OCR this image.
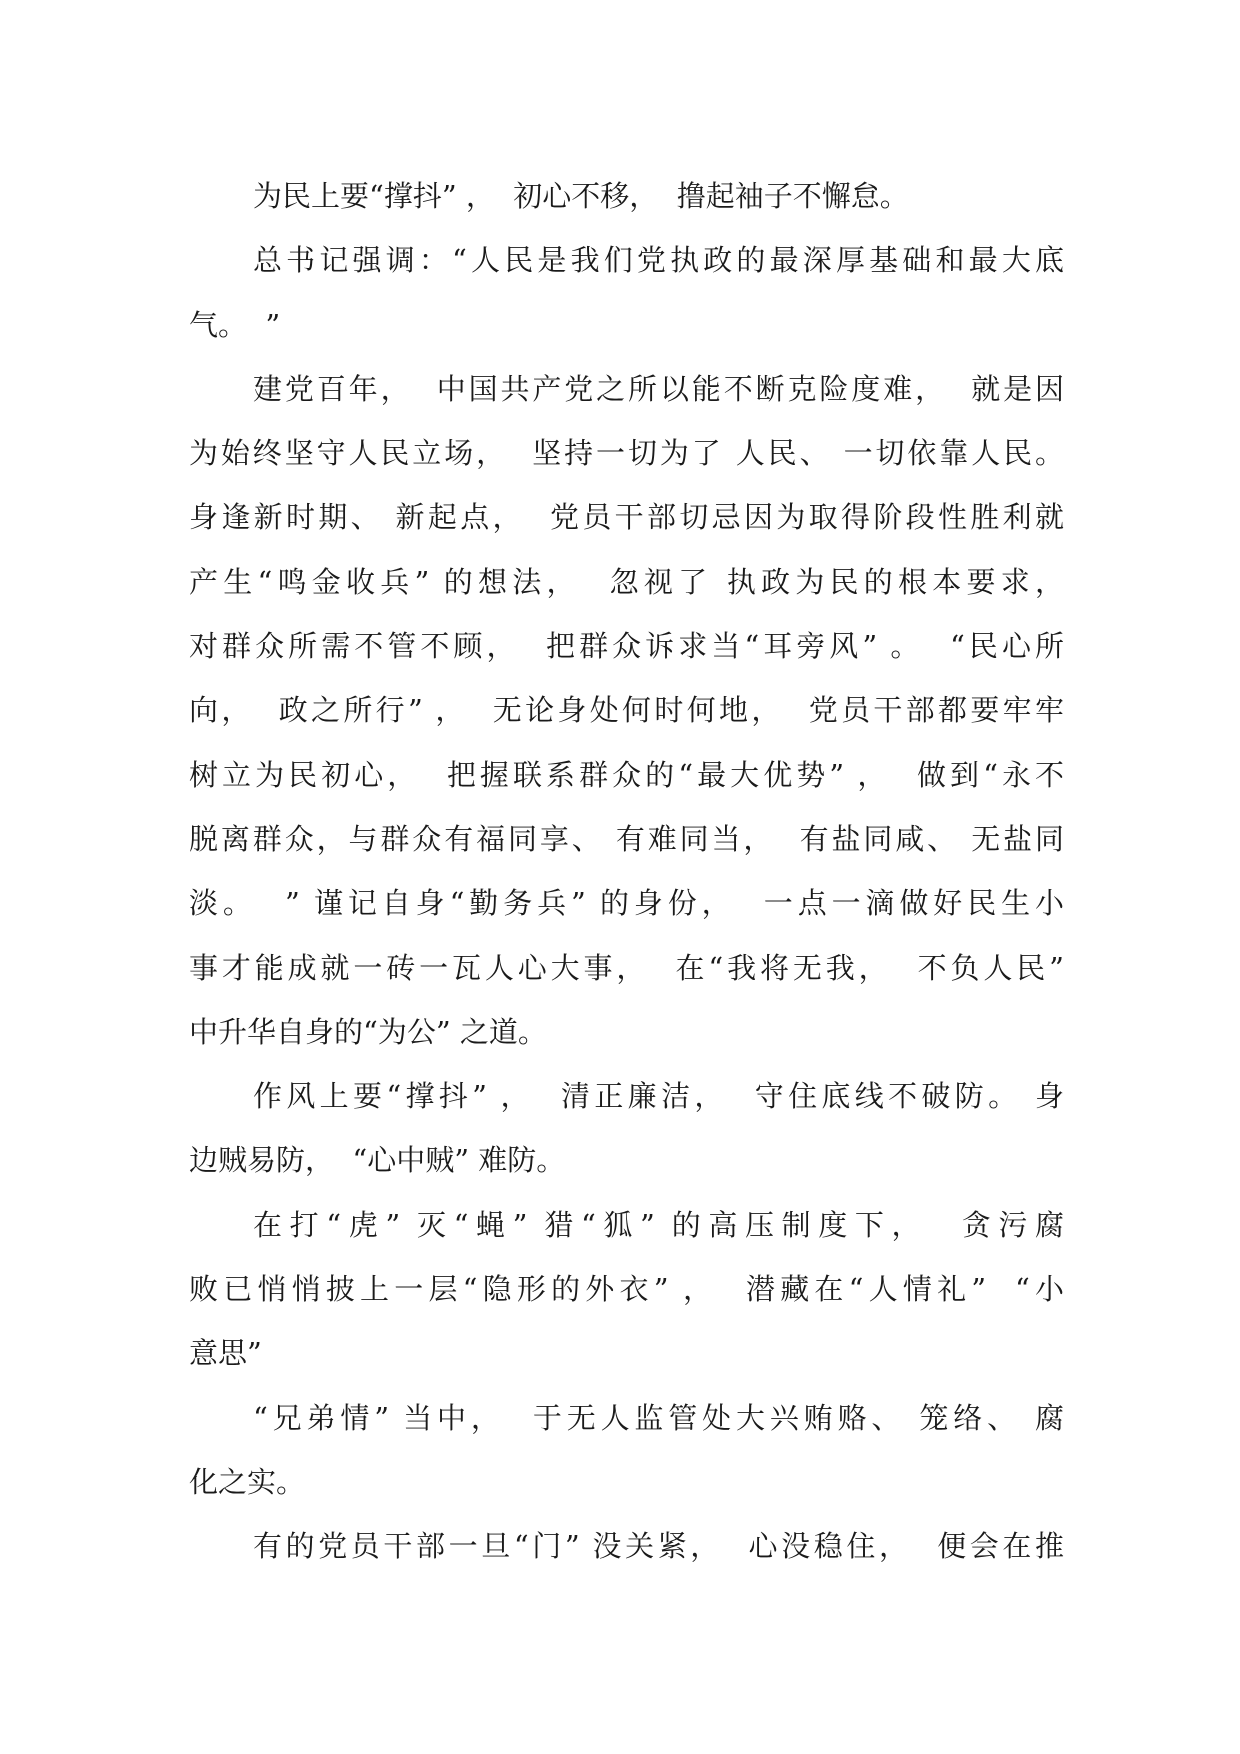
为民上要“撑抖” ，  初心不移，  撸起袖子不懈怠。
总书记强调：“人民是我们党执政的最深厚基础和最大底
气。  ”
建党百年，  中国共产党之所以能不断克险度难，  就是因
为始终坚守人民立场，  坚持一切为了 人民、 一切依靠人民。
身逢新时期、 新起点，  党员干部切忌因为取得阶段性胜利就
产生“鸣金收兵” 的想法，  忽视了 执政为民的根本要求，
对群众所需不管不顾，  把群众诉求当“耳旁风” 。  “民心所
向，  政之所行” ，  无论身处何时何地，  党员干部都要牢牢
树立为民初心，  把握联系群众的“最大优势” ，  做到“永不
脱离群众，与群众有福同享、 有难同当，  有盐同咸、 无盐同
淡。  ” 谨记自身“勤务兵” 的身份，  一点一滴做好民生小
事才能成就一砖一瓦人心大事，  在“我将无我，  不负人民”
中升华自身的“为公” 之道。
作风上要“撑抖” ，  清正廉洁，  守住底线不破防。 身
边贼易防，  “心中贼” 难防。
在打“虎” 灭“蝇” 猎“狐” 的高压制度下，  贪污腐
败已悄悄披上一层“隐形的外衣” ，  潜藏在“人情礼”  “小
意思”
“兄弟情” 当中，  于无人监管处大兴贿赂、 笼络、 腐
化之实。
有的党员干部一旦“门” 没关紧，  心没稳住，  便会在推
